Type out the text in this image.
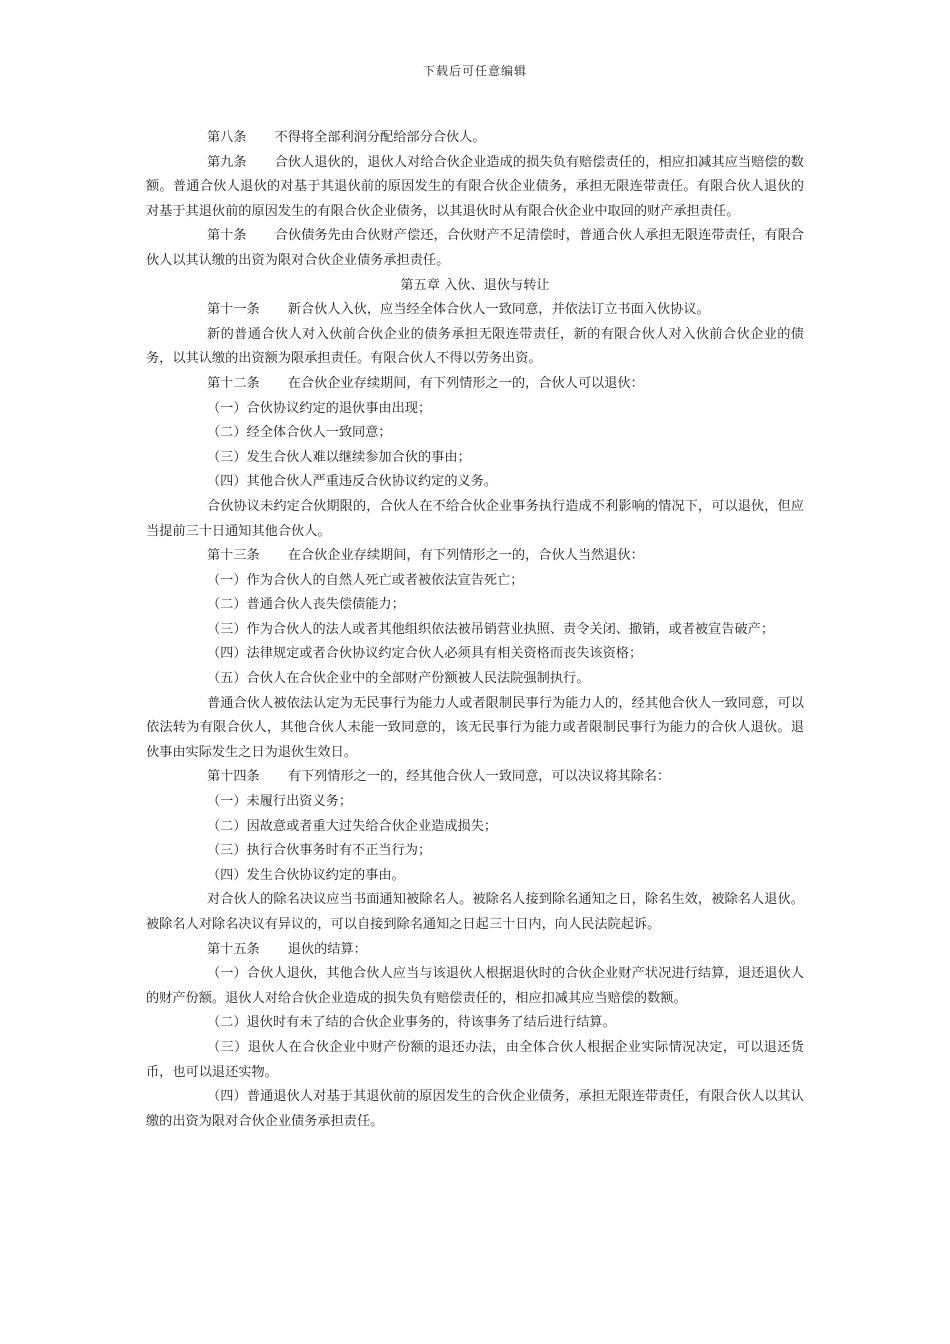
下载后可任意编辑

第八条 不得将全部利润分配给部分合伙人。

第九条 合伙人退伙的，退伙人对给合伙企业造成的损失负有赔偿责任的，相应扣减其应当赔偿的数额。普通合伙人退伙的对基于其退伙前的原因发生的有限合伙企业债务，承担无限连带责任。有限合伙人退伙的对基于其退伙前的原因发生的有限合伙企业债务，以其退伙时从有限合伙企业中取回的财产承担责任。

第十条 合伙债务先由合伙财产偿还，合伙财产不足清偿时，普通合伙人承担无限连带责任，有限合伙人以其认缴的出资为限对合伙企业债务承担责任。

第五章 入伙、退伙与转让

第十一条 新合伙人入伙，应当经全体合伙人一致同意，并依法订立书面入伙协议。

新的普通合伙人对入伙前合伙企业的债务承担无限连带责任，新的有限合伙人对入伙前合伙企业的债务，以其认缴的出资额为限承担责任。有限合伙人不得以劳务出资。

第十二条 在合伙企业存续期间，有下列情形之一的，合伙人可以退伙：

（一）合伙协议约定的退伙事由出现；

（二）经全体合伙人一致同意；

（三）发生合伙人难以继续参加合伙的事由；

（四）其他合伙人严重违反合伙协议约定的义务。

合伙协议未约定合伙期限的，合伙人在不给合伙企业事务执行造成不利影响的情况下，可以退伙，但应当提前三十日通知其他合伙人。

第十三条 在合伙企业存续期间，有下列情形之一的，合伙人当然退伙：

（一）作为合伙人的自然人死亡或者被依法宣告死亡；

（二）普通合伙人丧失偿债能力；

（三）作为合伙人的法人或者其他组织依法被吊销营业执照、责令关闭、撤销，或者被宣告破产；

（四）法律规定或者合伙协议约定合伙人必须具有相关资格而丧失该资格；

（五）合伙人在合伙企业中的全部财产份额被人民法院强制执行。

普通合伙人被依法认定为无民事行为能力人或者限制民事行为能力人的，经其他合伙人一致同意，可以依法转为有限合伙人，其他合伙人未能一致同意的，该无民事行为能力或者限制民事行为能力的合伙人退伙。退伙事由实际发生之日为退伙生效日。

第十四条 有下列情形之一的，经其他合伙人一致同意，可以决议将其除名：

（一）未履行出资义务；

（二）因故意或者重大过失给合伙企业造成损失；

（三）执行合伙事务时有不正当行为；

（四）发生合伙协议约定的事由。

对合伙人的除名决议应当书面通知被除名人。被除名人接到除名通知之日，除名生效，被除名人退伙。被除名人对除名决议有异议的，可以自接到除名通知之日起三十日内，向人民法院起诉。

第十五条 退伙的结算：

（一）合伙人退伙，其他合伙人应当与该退伙人根据退伙时的合伙企业财产状况进行结算，退还退伙人的财产份额。退伙人对给合伙企业造成的损失负有赔偿责任的，相应扣减其应当赔偿的数额。

（二）退伙时有未了结的合伙企业事务的，待该事务了结后进行结算。

（三）退伙人在合伙企业中财产份额的退还办法，由全体合伙人根据企业实际情况决定，可以退还货币，也可以退还实物。

（四）普通退伙人对基于其退伙前的原因发生的合伙企业债务，承担无限连带责任，有限合伙人以其认缴的出资为限对合伙企业债务承担责任。
